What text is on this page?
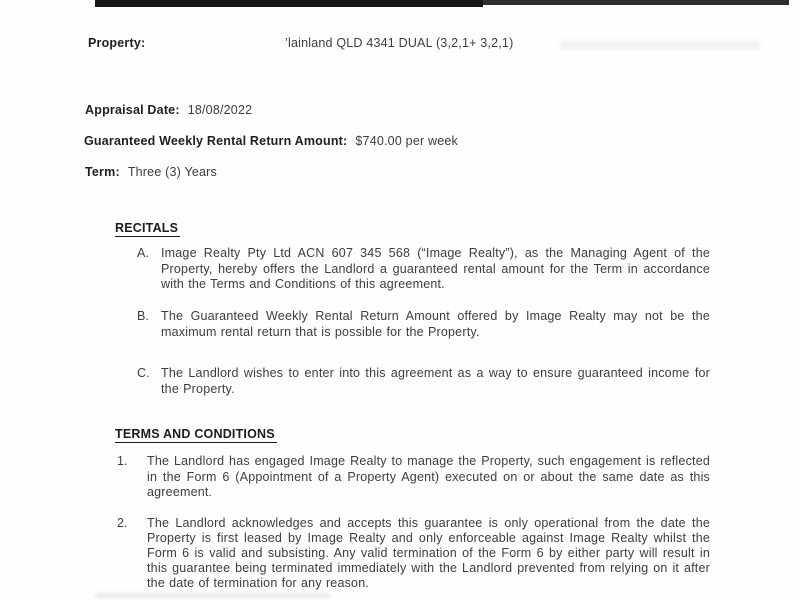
Property:	’lainland QLD 4341 DUAL (3,2,1+ 3,2,1)
Appraisal Date: 18/08/2022
Guaranteed Weekly Rental Return Amount: $740.00 per week
Term: Three (3) Years
RECITALS
A. Image Realty Pty Ltd ACN 607 345 568 (“Image Realty”), as the Managing Agent of the Property, hereby offers the Landlord a guaranteed rental amount for the Term in accordance with the Terms and Conditions of this agreement.
B. The Guaranteed Weekly Rental Return Amount offered by Image Realty may not be the maximum rental return that is possible for the Property.
C. The Landlord wishes to enter into this agreement as a way to ensure guaranteed income for the Property.
TERMS AND CONDITIONS
1. The Landlord has engaged Image Realty to manage the Property, such engagement is reflected in the Form 6 (Appointment of a Property Agent) executed on or about the same date as this agreement.
2. The Landlord acknowledges and accepts this guarantee is only operational from the date the Property is first leased by Image Realty and only enforceable against Image Realty whilst the Form 6 is valid and subsisting. Any valid termination of the Form 6 by either party will result in this guarantee being terminated immediately with the Landlord prevented from relying on it after the date of termination for any reason.
